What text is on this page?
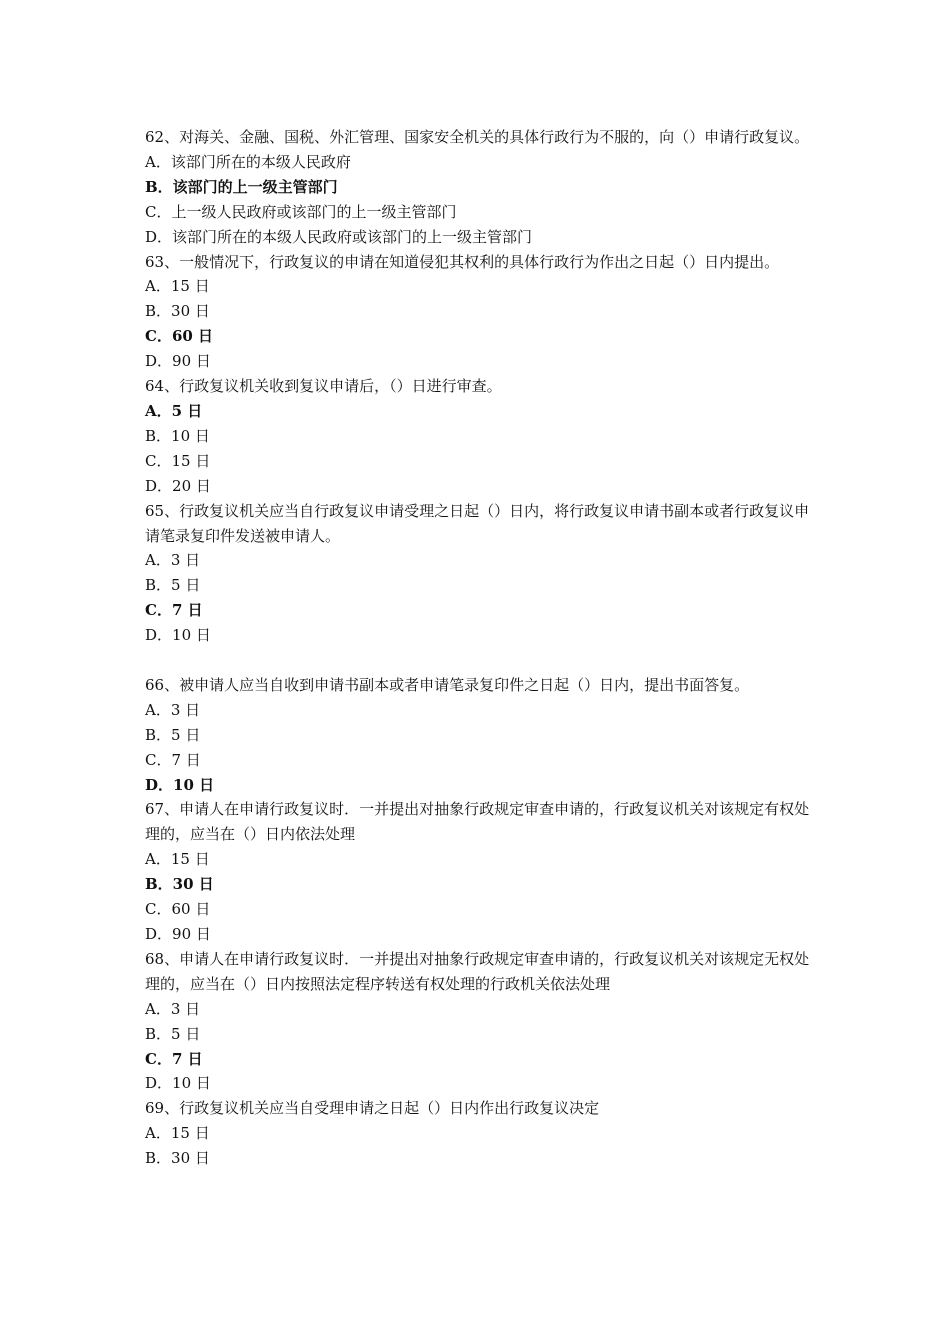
62、对海关、金融、国税、外汇管理、国家安全机关的具体行政行为不服的，向（）申请行政复议。
A．该部门所在的本级人民政府
B．该部门的上一级主管部门
C．上一级人民政府或该部门的上一级主管部门
D．该部门所在的本级人民政府或该部门的上一级主管部门
63、一般情况下，行政复议的申请在知道侵犯其权利的具体行政行为作出之日起（）日内提出。
A．15 日
B．30 日
C．60 日
D．90 日
64、行政复议机关收到复议申请后，（）日进行审查。
A．5 日
B．10 日
C．15 日
D．20 日
65、行政复议机关应当自行政复议申请受理之日起（）日内，将行政复议申请书副本或者行政复议申请笔录复印件发送被申请人。
A．3 日
B．5 日
C．7 日
D．10 日
66、被申请人应当自收到申请书副本或者申请笔录复印件之日起（）日内，提出书面答复。
A．3 日
B．5 日
C．7 日
D．10 日
67、申请人在申请行政复议时．一并提出对抽象行政规定审查申请的，行政复议机关对该规定有权处理的，应当在（）日内依法处理
A．15 日
B．30 日
C．60 日
D．90 日
68、申请人在申请行政复议时．一并提出对抽象行政规定审查申请的，行政复议机关对该规定无权处理的，应当在（）日内按照法定程序转送有权处理的行政机关依法处理
A．3 日
B．5 日
C．7 日
D．10 日
69、行政复议机关应当自受理申请之日起（）日内作出行政复议决定
A．15 日
B．30 日
